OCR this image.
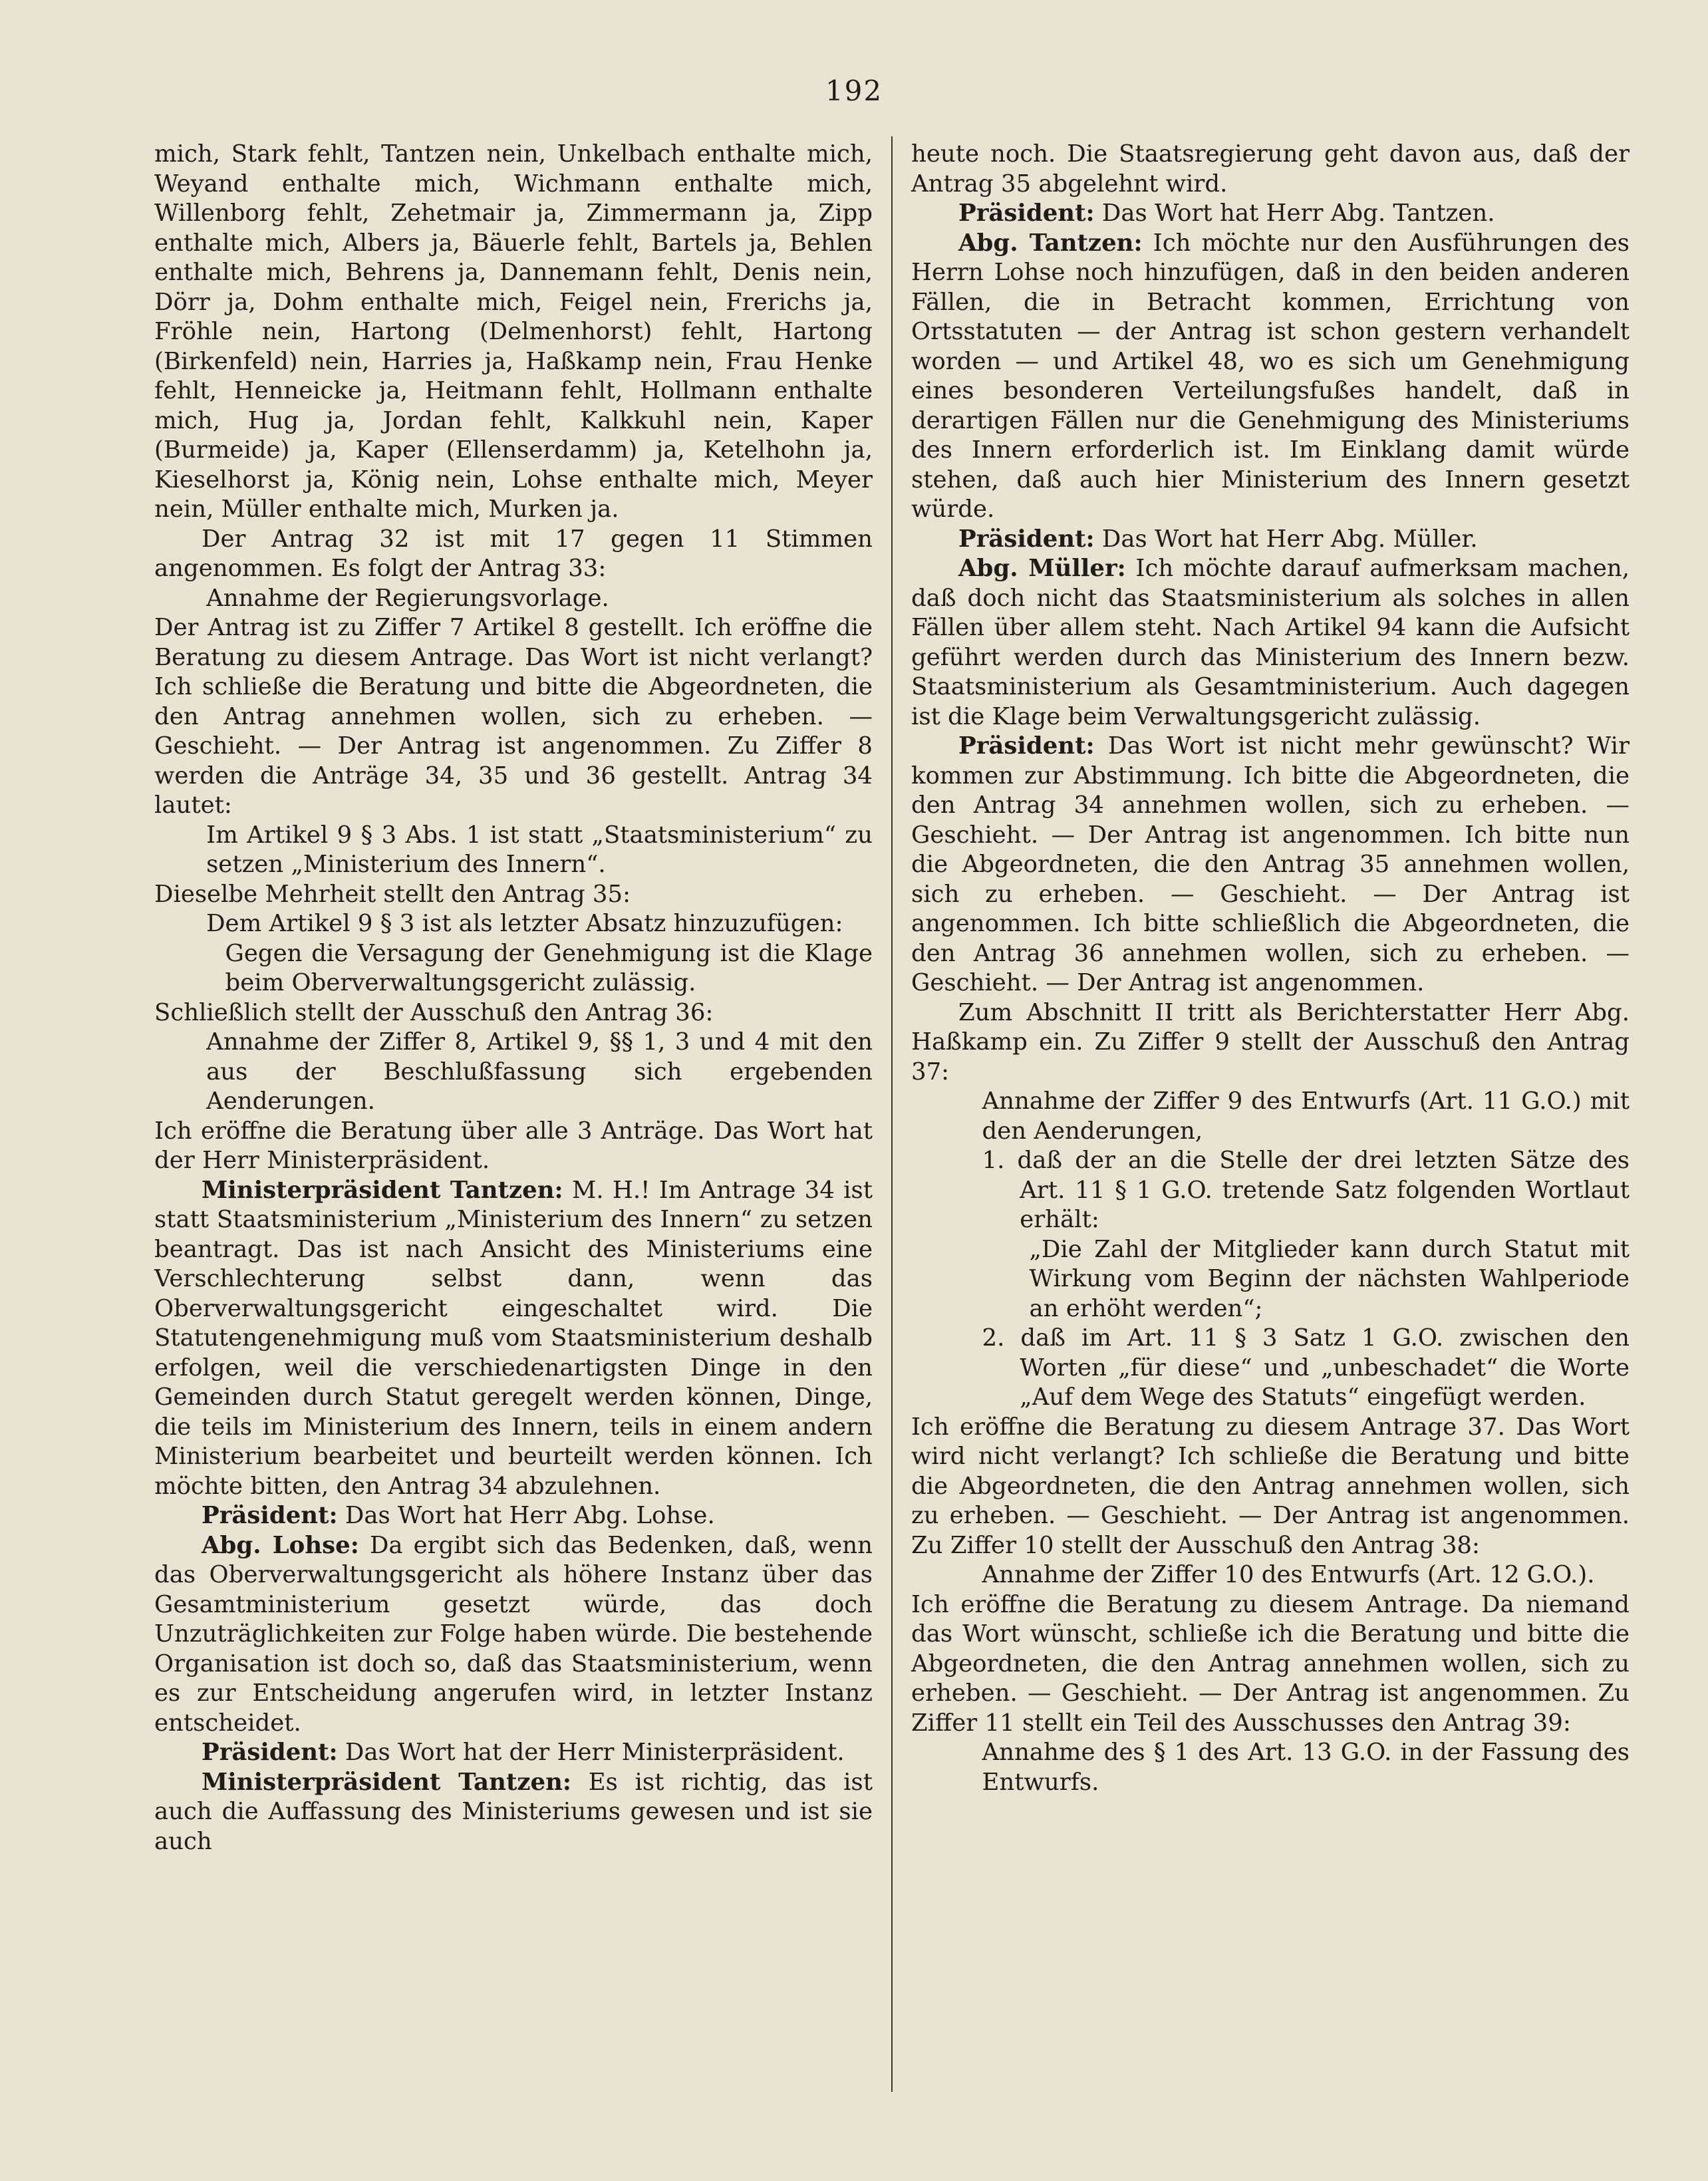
192

mich, Stark fehlt, Tantzen nein, Unkelbach enthalte mich, Weyand enthalte mich, Wichmann enthalte mich, Willenborg fehlt, Zehetmair ja, Zimmermann ja, Zipp enthalte mich, Albers ja, Bäuerle fehlt, Bartels ja, Behlen enthalte mich, Behrens ja, Dannemann fehlt, Denis nein, Dörr ja, Dohm enthalte mich, Feigel nein, Frerichs ja, Fröhle nein, Hartong (Delmenhorst) fehlt, Hartong (Birkenfeld) nein, Harries ja, Haßkamp nein, Frau Henke fehlt, Henneicke ja, Heitmann fehlt, Hollmann enthalte mich, Hug ja, Jordan fehlt, Kalkkuhl nein, Kaper (Burmeide) ja, Kaper (Ellenserdamm) ja, Ketelhohn ja, Kieselhorst ja, König nein, Lohse enthalte mich, Meyer nein, Müller enthalte mich, Murken ja.

Der Antrag 32 ist mit 17 gegen 11 Stimmen angenommen. Es folgt der Antrag 33:

Annahme der Regierungsvorlage.

Der Antrag ist zu Ziffer 7 Artikel 8 gestellt. Ich eröffne die Beratung zu diesem Antrage. Das Wort ist nicht verlangt? Ich schließe die Beratung und bitte die Abgeordneten, die den Antrag annehmen wollen, sich zu erheben. — Geschieht. — Der Antrag ist angenommen. Zu Ziffer 8 werden die Anträge 34, 35 und 36 gestellt. Antrag 34 lautet:

Im Artikel 9 § 3 Abs. 1 ist statt „Staatsministerium“ zu setzen „Ministerium des Innern“.

Dieselbe Mehrheit stellt den Antrag 35:

Dem Artikel 9 § 3 ist als letzter Absatz hinzuzufügen:

Gegen die Versagung der Genehmigung ist die Klage beim Oberverwaltungsgericht zulässig.

Schließlich stellt der Ausschuß den Antrag 36:

Annahme der Ziffer 8, Artikel 9, §§ 1, 3 und 4 mit den aus der Beschlußfassung sich ergebenden Aenderungen.

Ich eröffne die Beratung über alle 3 Anträge. Das Wort hat der Herr Ministerpräsident.

Ministerpräsident Tantzen: M. H.! Im Antrage 34 ist statt Staatsministerium „Ministerium des Innern“ zu setzen beantragt. Das ist nach Ansicht des Ministeriums eine Verschlechterung selbst dann, wenn das Oberverwaltungsgericht eingeschaltet wird. Die Statutengenehmigung muß vom Staatsministerium deshalb erfolgen, weil die verschiedenartigsten Dinge in den Gemeinden durch Statut geregelt werden können, Dinge, die teils im Ministerium des Innern, teils in einem andern Ministerium bearbeitet und beurteilt werden können. Ich möchte bitten, den Antrag 34 abzulehnen.

Präsident: Das Wort hat Herr Abg. Lohse.

Abg. Lohse: Da ergibt sich das Bedenken, daß, wenn das Oberverwaltungsgericht als höhere Instanz über das Gesamtministerium gesetzt würde, das doch Unzuträglichkeiten zur Folge haben würde. Die bestehende Organisation ist doch so, daß das Staatsministerium, wenn es zur Entscheidung angerufen wird, in letzter Instanz entscheidet.

Präsident: Das Wort hat der Herr Ministerpräsident.

Ministerpräsident Tantzen: Es ist richtig, das ist auch die Auffassung des Ministeriums gewesen und ist sie auch

heute noch. Die Staatsregierung geht davon aus, daß der Antrag 35 abgelehnt wird.

Präsident: Das Wort hat Herr Abg. Tantzen.

Abg. Tantzen: Ich möchte nur den Ausführungen des Herrn Lohse noch hinzufügen, daß in den beiden anderen Fällen, die in Betracht kommen, Errichtung von Ortsstatuten — der Antrag ist schon gestern verhandelt worden — und Artikel 48, wo es sich um Genehmigung eines besonderen Verteilungsfußes handelt, daß in derartigen Fällen nur die Genehmigung des Ministeriums des Innern erforderlich ist. Im Einklang damit würde stehen, daß auch hier Ministerium des Innern gesetzt würde.

Präsident: Das Wort hat Herr Abg. Müller.

Abg. Müller: Ich möchte darauf aufmerksam machen, daß doch nicht das Staatsministerium als solches in allen Fällen über allem steht. Nach Artikel 94 kann die Aufsicht geführt werden durch das Ministerium des Innern bezw. Staatsministerium als Gesamtministerium. Auch dagegen ist die Klage beim Verwaltungsgericht zulässig.

Präsident: Das Wort ist nicht mehr gewünscht? Wir kommen zur Abstimmung. Ich bitte die Abgeordneten, die den Antrag 34 annehmen wollen, sich zu erheben. — Geschieht. — Der Antrag ist angenommen. Ich bitte nun die Abgeordneten, die den Antrag 35 annehmen wollen, sich zu erheben. — Geschieht. — Der Antrag ist angenommen. Ich bitte schließlich die Abgeordneten, die den Antrag 36 annehmen wollen, sich zu erheben. — Geschieht. — Der Antrag ist angenommen.

Zum Abschnitt II tritt als Berichterstatter Herr Abg. Haßkamp ein. Zu Ziffer 9 stellt der Ausschuß den Antrag 37:

Annahme der Ziffer 9 des Entwurfs (Art. 11 G.O.) mit den Aenderungen,

1. daß der an die Stelle der drei letzten Sätze des Art. 11 § 1 G.O. tretende Satz folgenden Wortlaut erhält:

„Die Zahl der Mitglieder kann durch Statut mit Wirkung vom Beginn der nächsten Wahlperiode an erhöht werden“;

2. daß im Art. 11 § 3 Satz 1 G.O. zwischen den Worten „für diese“ und „unbeschadet“ die Worte „Auf dem Wege des Statuts“ eingefügt werden.

Ich eröffne die Beratung zu diesem Antrage 37. Das Wort wird nicht verlangt? Ich schließe die Beratung und bitte die Abgeordneten, die den Antrag annehmen wollen, sich zu erheben. — Geschieht. — Der Antrag ist angenommen. Zu Ziffer 10 stellt der Ausschuß den Antrag 38:

Annahme der Ziffer 10 des Entwurfs (Art. 12 G.O.).

Ich eröffne die Beratung zu diesem Antrage. Da niemand das Wort wünscht, schließe ich die Beratung und bitte die Abgeordneten, die den Antrag annehmen wollen, sich zu erheben. — Geschieht. — Der Antrag ist angenommen. Zu Ziffer 11 stellt ein Teil des Ausschusses den Antrag 39:

Annahme des § 1 des Art. 13 G.O. in der Fassung des Entwurfs.
